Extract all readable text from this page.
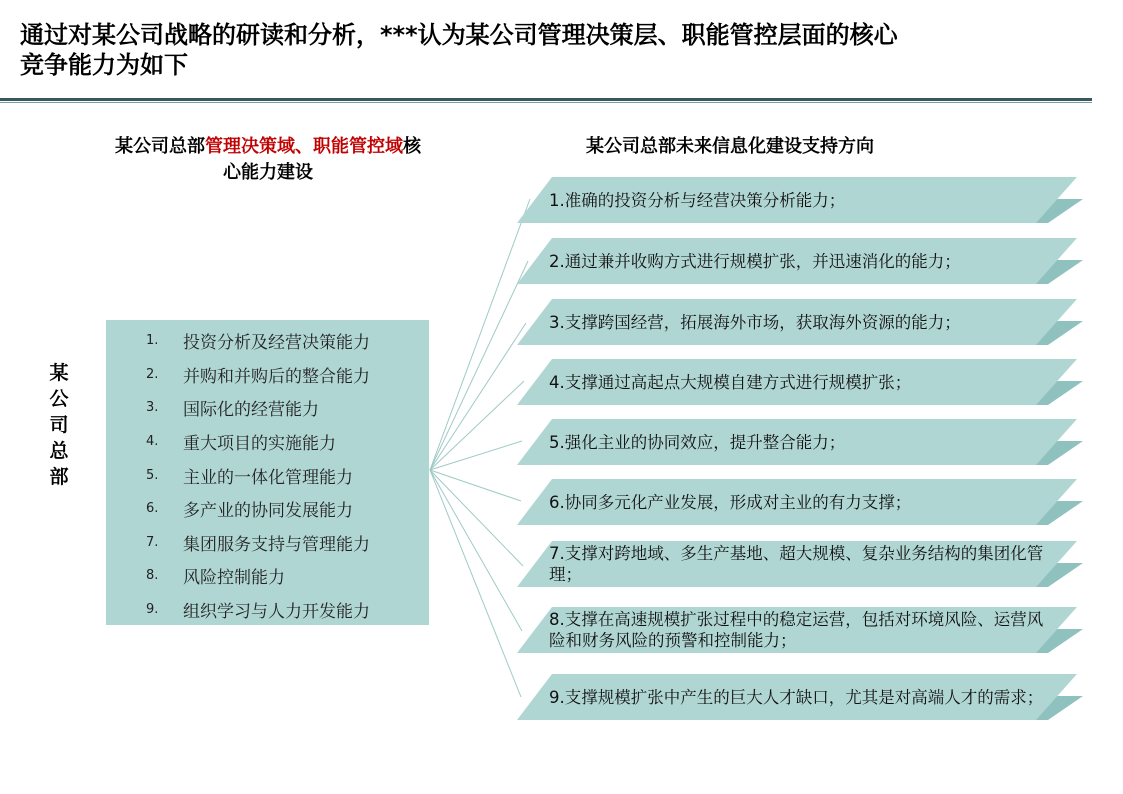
通过对某公司战略的研读和分析，***认为某公司管理决策层、职能管控层面的核心竞争能力为如下
某公司总部管理决策域、职能管控域核心能力建设
某公司总部未来信息化建设支持方向
某
公
司
总
部
1.	投资分析及经营决策能力
2.	并购和并购后的整合能力
3.	国际化的经营能力
4.	重大项目的实施能力
5.	主业的一体化管理能力
6.	多产业的协同发展能力
7.	集团服务支持与管理能力
8.	风险控制能力
9.	组织学习与人力开发能力
1.准确的投资分析与经营决策分析能力；
2.通过兼并收购方式进行规模扩张，并迅速消化的能力；
3.支撑跨国经营，拓展海外市场，获取海外资源的能力；
4.支撑通过高起点大规模自建方式进行规模扩张；
5.强化主业的协同效应，提升整合能力；
6.协同多元化产业发展，形成对主业的有力支撑；
7.支撑对跨地域、多生产基地、超大规模、复杂业务结构的集团化管理；
8.支撑在高速规模扩张过程中的稳定运营，包括对环境风险、运营风险和财务风险的预警和控制能力；
9.支撑规模扩张中产生的巨大人才缺口，尤其是对高端人才的需求；
